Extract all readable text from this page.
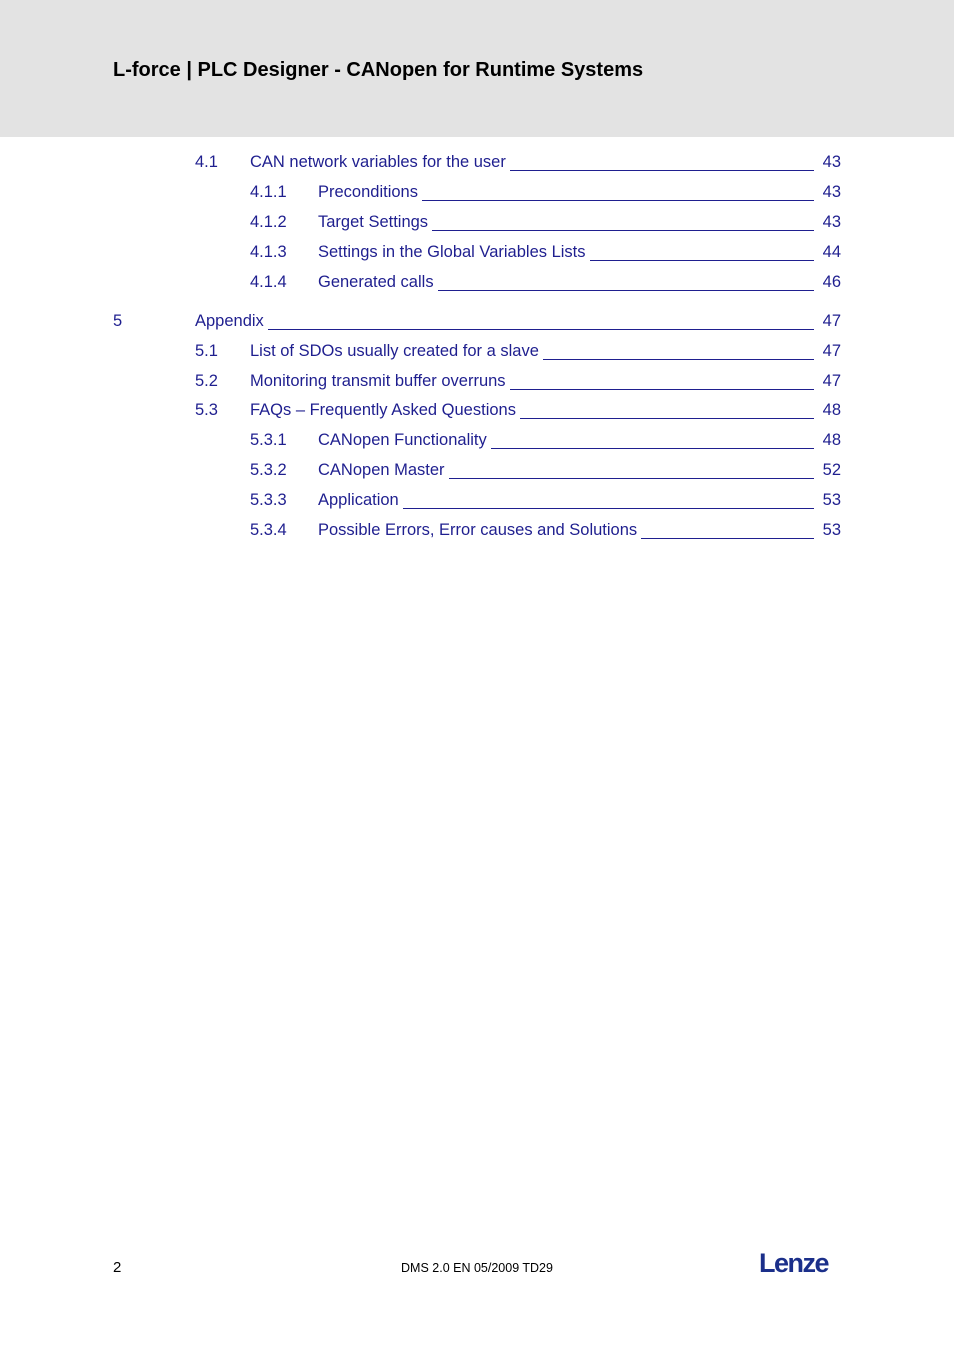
L-force | PLC Designer - CANopen for Runtime Systems
4.1	CAN network variables for the user	43
4.1.1	Preconditions	43
4.1.2	Target Settings	43
4.1.3	Settings in the Global Variables Lists	44
4.1.4	Generated calls	46
5	Appendix	47
5.1	List of SDOs usually created for a slave	47
5.2	Monitoring transmit buffer overruns	47
5.3	FAQs – Frequently Asked Questions	48
5.3.1	CANopen Functionality	48
5.3.2	CANopen Master	52
5.3.3	Application	53
5.3.4	Possible Errors, Error causes and Solutions	53
2	DMS 2.0 EN 05/2009 TD29	Lenze
